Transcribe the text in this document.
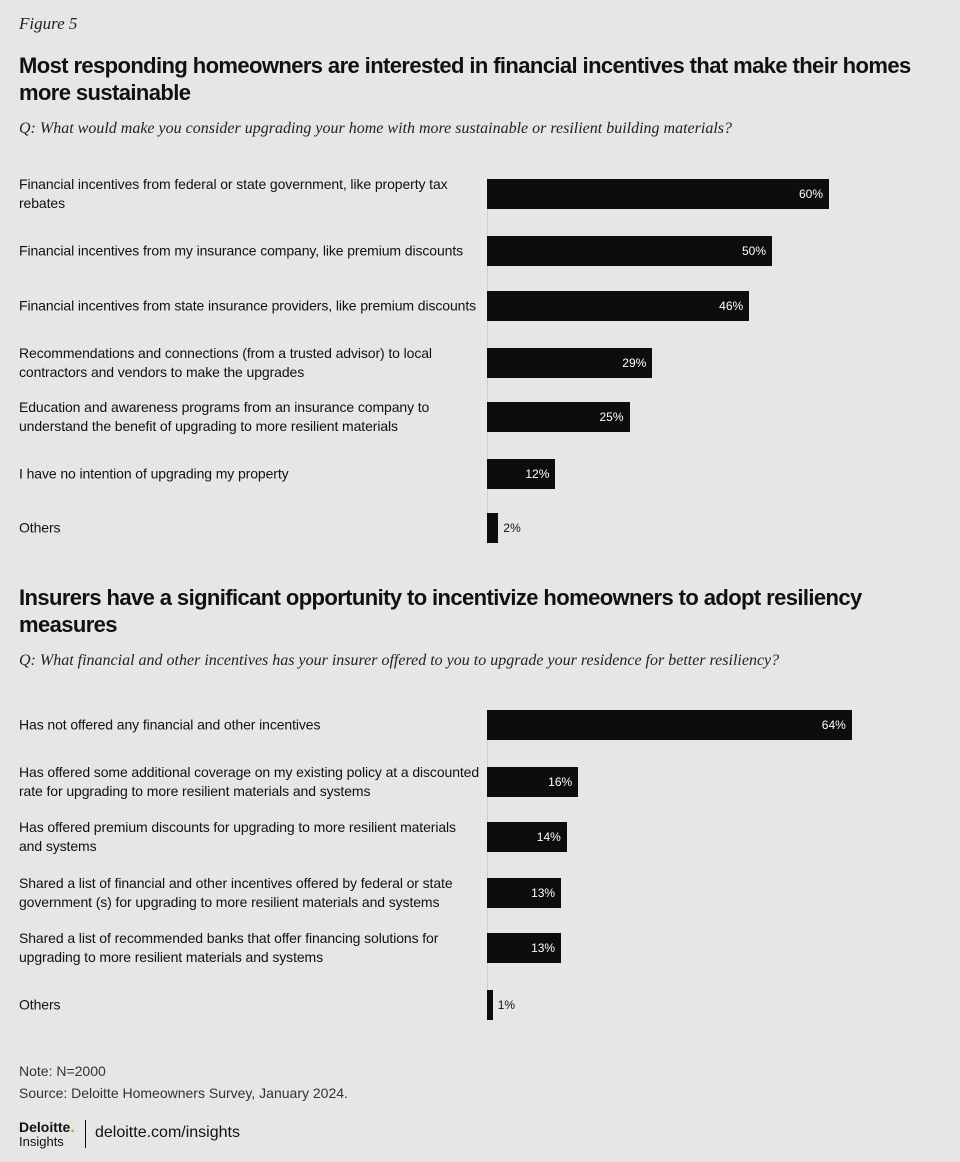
Figure 5
Most responding homeowners are interested in financial incentives that make their homes more sustainable
Q: What would make you consider upgrading your home with more sustainable or resilient building materials?
Financial incentives from federal or state government, like property tax rebates
60%
Financial incentives from my insurance company, like premium discounts	50%
Financial incentives from state insurance providers, like premium discounts	46%
Recommendations and connections (from a trusted advisor) to local contractors and vendors to make the upgrades
29%
Education and awareness programs from an insurance company to understand the benefit of upgrading to more resilient materials
25%
I have no intention of upgrading my property	12%
Others	2%
Insurers have a significant opportunity to incentivize homeowners to adopt resiliency measures
Q: What financial and other incentives has your insurer offered to you to upgrade your residence for better resiliency?
Has not offered any financial and other incentives	64%
Has offered some additional coverage on my existing policy at a discounted rate for upgrading to more resilient materials and systems
16%
Has offered premium discounts for upgrading to more resilient materials and systems
14%
Shared a list of financial and other incentives offered by federal or state government (s) for upgrading to more resilient materials and systems
13%
Shared a list of recommended banks that offer financing solutions for upgrading to more resilient materials and systems
13%
Others	1%
Note: N=2000
Source: Deloitte Homeowners Survey, January 2024.
Deloitte.
Insights
deloitte.com/insights
